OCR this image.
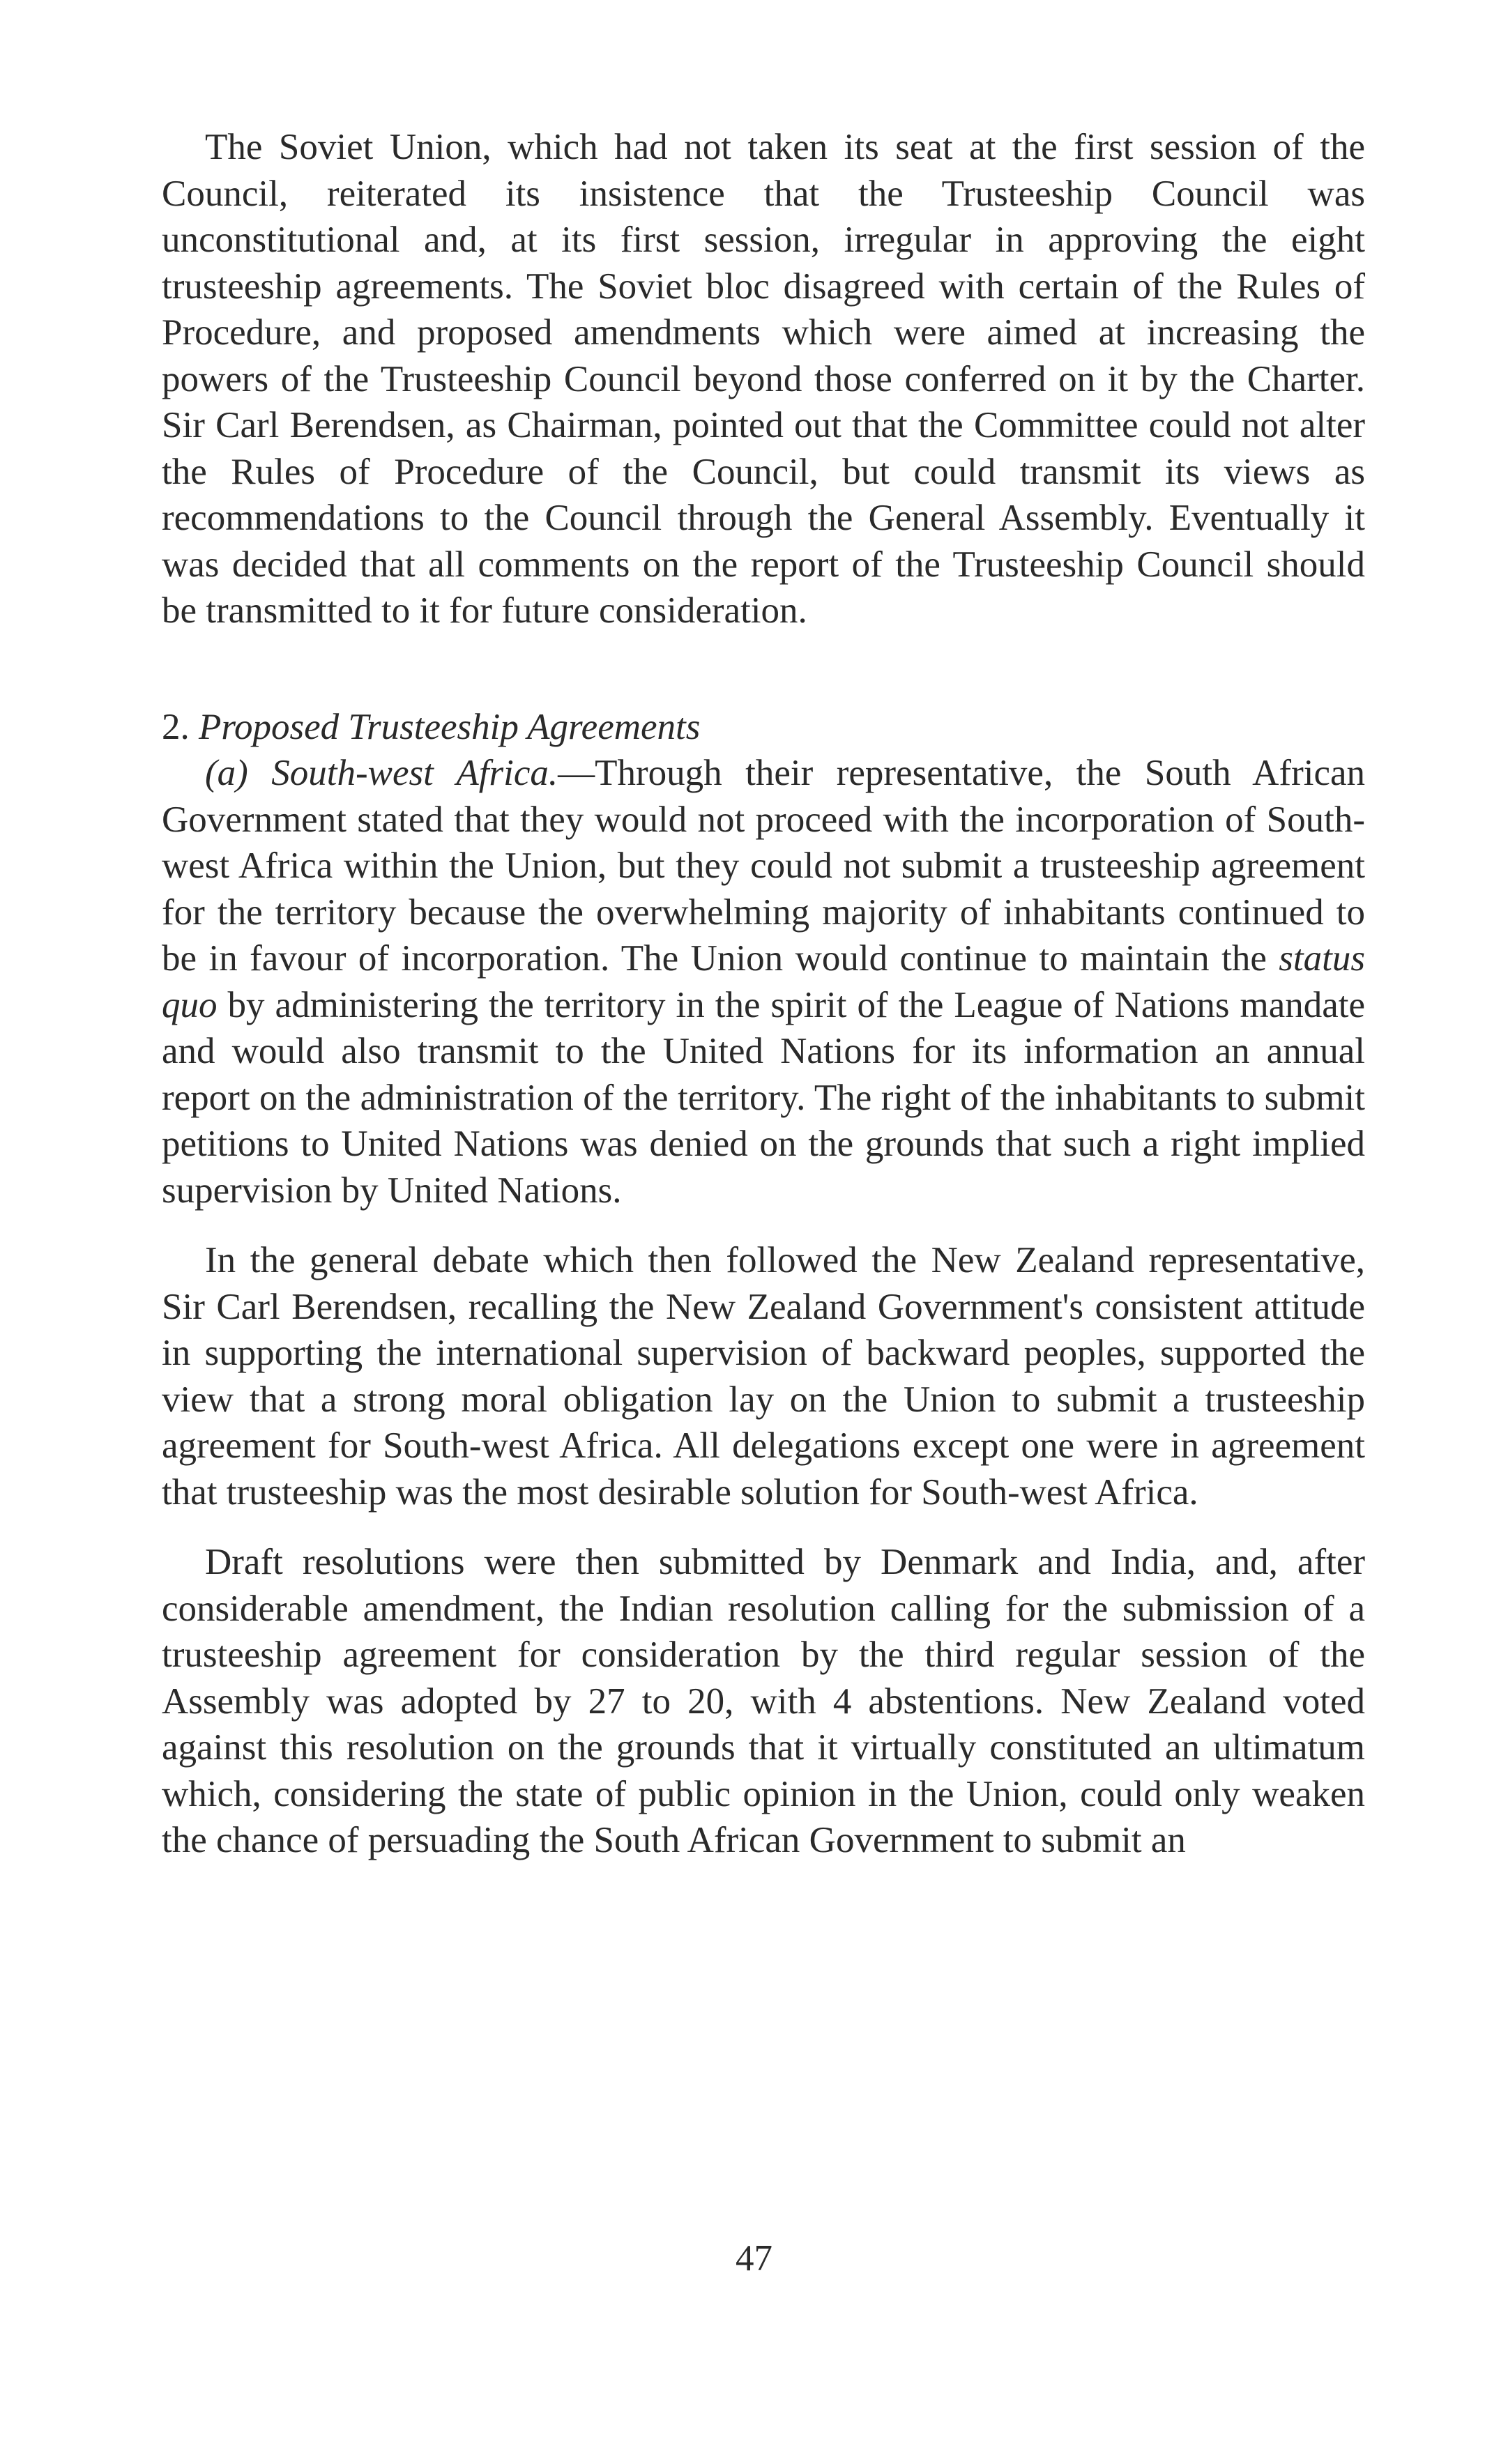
The Soviet Union, which had not taken its seat at the first session of the Council, reiterated its insistence that the Trusteeship Council was unconstitutional and, at its first session, irregular in approving the eight trusteeship agreements. The Soviet bloc disagreed with certain of the Rules of Procedure, and proposed amendments which were aimed at increasing the powers of the Trusteeship Council beyond those conferred on it by the Charter. Sir Carl Berendsen, as Chairman, pointed out that the Committee could not alter the Rules of Procedure of the Council, but could transmit its views as recommendations to the Council through the General Assembly. Eventually it was decided that all comments on the report of the Trusteeship Council should be transmitted to it for future consideration.

2. Proposed Trusteeship Agreements

(a) South-west Africa.—Through their representative, the South African Government stated that they would not proceed with the incorporation of South-west Africa within the Union, but they could not submit a trusteeship agreement for the territory because the overwhelming majority of inhabitants continued to be in favour of incorporation. The Union would continue to maintain the status quo by administering the territory in the spirit of the League of Nations mandate and would also transmit to the United Nations for its information an annual report on the administration of the territory. The right of the inhabitants to submit petitions to United Nations was denied on the grounds that such a right implied supervision by United Nations.

In the general debate which then followed the New Zealand representative, Sir Carl Berendsen, recalling the New Zealand Government's consistent attitude in supporting the international supervision of backward peoples, supported the view that a strong moral obligation lay on the Union to submit a trusteeship agreement for South-west Africa. All delegations except one were in agreement that trusteeship was the most desirable solution for South-west Africa.

Draft resolutions were then submitted by Denmark and India, and, after considerable amendment, the Indian resolution calling for the submission of a trusteeship agreement for consideration by the third regular session of the Assembly was adopted by 27 to 20, with 4 abstentions. New Zealand voted against this resolution on the grounds that it virtually constituted an ultimatum which, considering the state of public opinion in the Union, could only weaken the chance of persuading the South African Government to submit an

47
